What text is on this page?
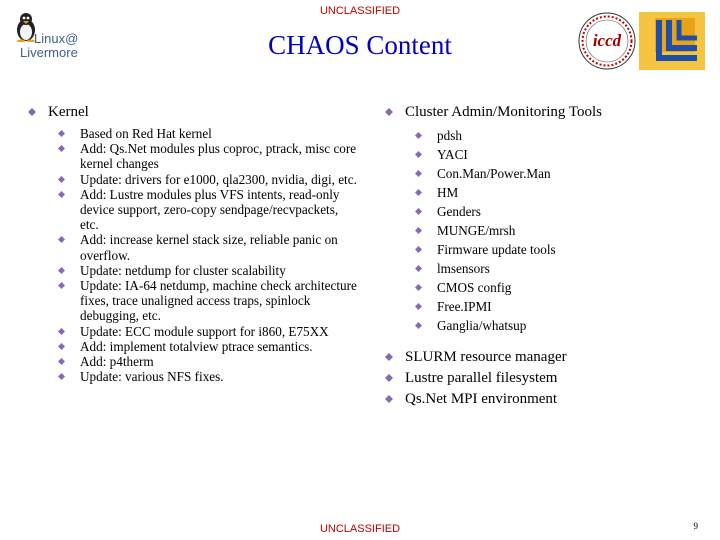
UNCLASSIFIED
Linux@
Livermore	CHAOS Content	iccd
Kernel
Based on Red Hat kernel
Add: Qs.Net modules plus coproc, ptrack, misc core kernel changes
Update: drivers for e1000, qla2300, nvidia, digi, etc.
Add: Lustre modules plus VFS intents, read-only device support, zero-copy sendpage/recvpackets, etc.
Add: increase kernel stack size, reliable panic on overflow.
Update: netdump for cluster scalability
Update: IA-64 netdump, machine check architecture fixes, trace unaligned access traps, spinlock debugging, etc.
Update: ECC module support for i860, E75XX
Add: implement totalview ptrace semantics.
Add: p4therm
Update: various NFS fixes.
Cluster Admin/Monitoring Tools
pdsh
YACI
Con.Man/Power.Man
HM
Genders
MUNGE/mrsh
Firmware update tools
lmsensors
CMOS config
Free.IPMI
Ganglia/whatsup
SLURM resource manager
Lustre parallel filesystem
Qs.Net MPI environment
UNCLASSIFIED	9
